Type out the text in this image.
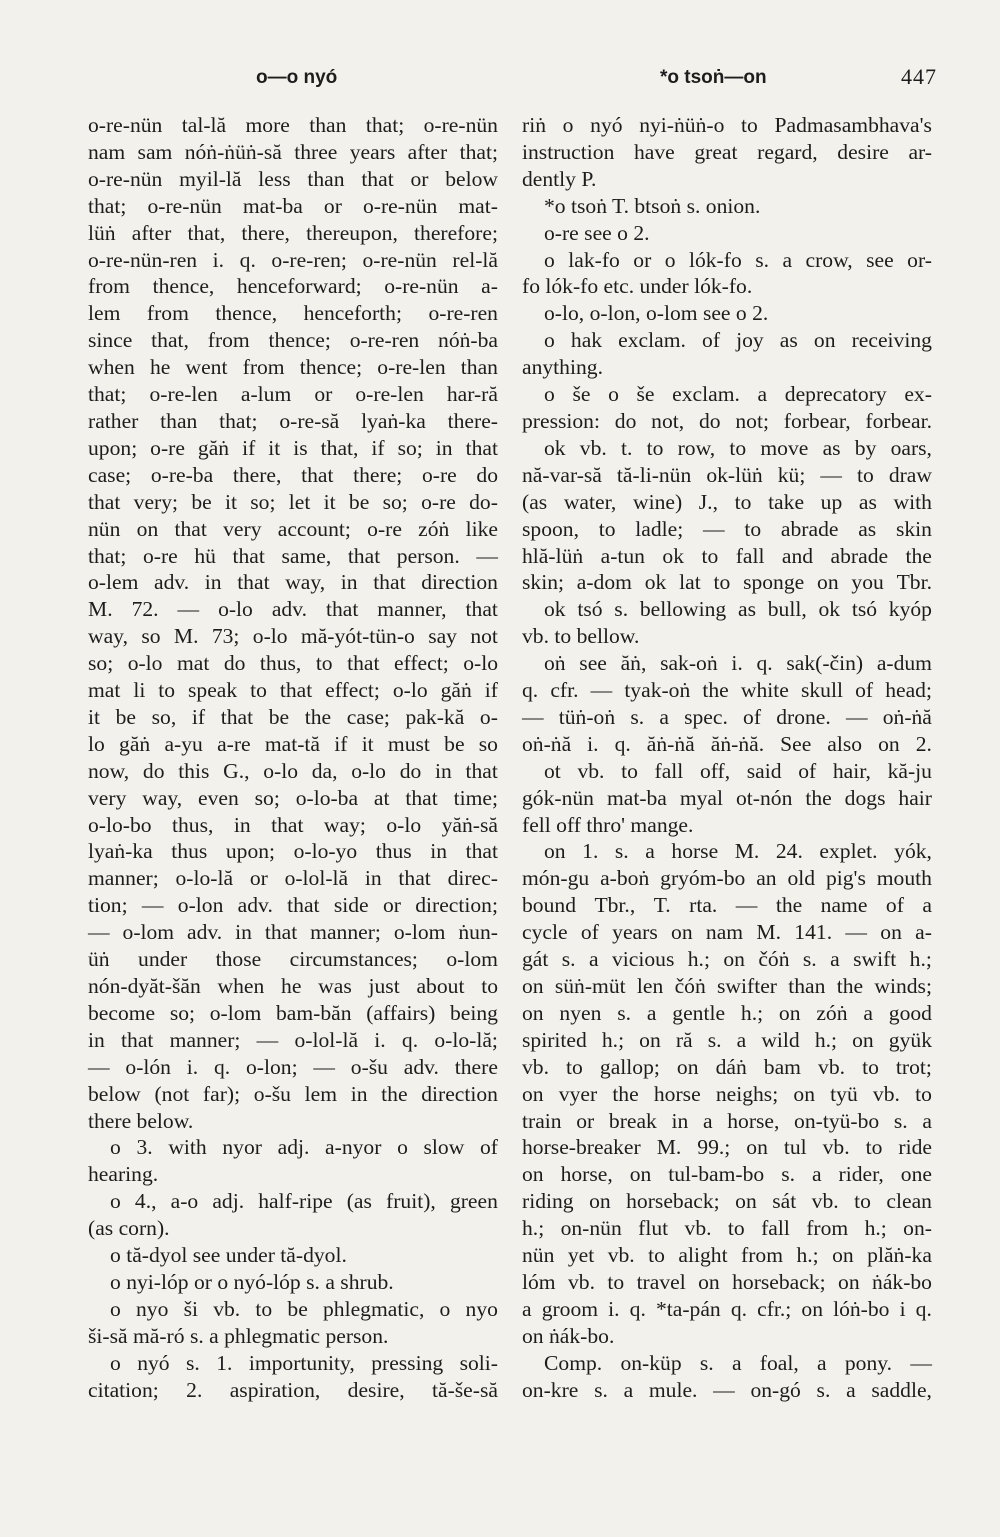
o—o nyó	*o tsoṅ—on	447
o-re-nün tal-lă more than that; o-re-nün
nam sam nóṅ-ṅüṅ-să three years after that;
o-re-nün myil-lă less than that or below
that; o-re-nün mat-ba or o-re-nün mat-
lüṅ after that, there, thereupon, therefore;
o-re-nün-ren i. q. o-re-ren; o-re-nün rel-lă
from thence, henceforward; o-re-nün a-
lem from thence, henceforth; o-re-ren
since that, from thence; o-re-ren nóṅ-ba
when he went from thence; o-re-len than
that; o-re-len a-lum or o-re-len har-ră
rather than that; o-re-să lyaṅ-ka there-
upon; o-re găṅ if it is that, if so; in that
case; o-re-ba there, that there; o-re do
that very; be it so; let it be so; o-re do-
nün on that very account; o-re zóṅ like
that; o-re hü that same, that person. —
o-lem adv. in that way, in that direction
M. 72. — o-lo adv. that manner, that
way, so M. 73; o-lo mă-yót-tün-o say not
so; o-lo mat do thus, to that effect; o-lo
mat li to speak to that effect; o-lo găṅ if
it be so, if that be the case; pak-kă o-
lo găṅ a-yu a-re mat-tă if it must be so
now, do this G., o-lo da, o-lo do in that
very way, even so; o-lo-ba at that time;
o-lo-bo thus, in that way; o-lo yăṅ-să
lyaṅ-ka thus upon; o-lo-yo thus in that
manner; o-lo-lă or o-lol-lă in that direc-
tion; — o-lon adv. that side or direction;
— o-lom adv. in that manner; o-lom ṅun-
üṅ under those circumstances; o-lom
nón-dyăt-šăn when he was just about to
become so; o-lom bam-băn (affairs) being
in that manner; — o-lol-lă i. q. o-lo-lă;
— o-lón i. q. o-lon; — o-šu adv. there
below (not far); o-šu lem in the direction
there below.
o 3. with nyor adj. a-nyor o slow of
hearing.
o 4., a-o adj. half-ripe (as fruit), green
(as corn).
o tă-dyol see under tă-dyol.
o nyi-lóp or o nyó-lóp s. a shrub.
o nyo ši vb. to be phlegmatic, o nyo
ši-să mă-ró s. a phlegmatic person.
o nyó s. 1. importunity, pressing soli-
citation; 2. aspiration, desire, tă-še-să
riṅ o nyó nyi-ṅüṅ-o to Padmasambhava's
instruction have great regard, desire ar-
dently P.
*o tsoṅ T. btsoṅ s. onion.
o-re see o 2.
o lak-fo or o lók-fo s. a crow, see or-
fo lók-fo etc. under lók-fo.
o-lo, o-lon, o-lom see o 2.
o hak exclam. of joy as on receiving
anything.
o še o še exclam. a deprecatory ex-
pression: do not, do not; forbear, forbear.
ok vb. t. to row, to move as by oars,
nă-var-să tă-li-nün ok-lüṅ kü; — to draw
(as water, wine) J., to take up as with
spoon, to ladle; — to abrade as skin
hlă-lüṅ a-tun ok to fall and abrade the
skin; a-dom ok lat to sponge on you Tbr.
ok tsó s. bellowing as bull, ok tsó kyóp
vb. to bellow.
oṅ see ăṅ, sak-oṅ i. q. sak(-čin) a-dum
q. cfr. — tyak-oṅ the white skull of head;
— tüṅ-oṅ s. a spec. of drone. — oṅ-ṅă
oṅ-ṅă i. q. ăṅ-ṅă ăṅ-ṅă. See also on 2.
ot vb. to fall off, said of hair, kă-ju
gók-nün mat-ba myal ot-nón the dogs hair
fell off thro' mange.
on 1. s. a horse M. 24. explet. yók,
món-gu a-boṅ gryóm-bo an old pig's mouth
bound Tbr., T. rta. — the name of a
cycle of years on nam M. 141. — on a-
gát s. a vicious h.; on čóṅ s. a swift h.;
on süṅ-müt len čóṅ swifter than the winds;
on nyen s. a gentle h.; on zóṅ a good
spirited h.; on ră s. a wild h.; on gyük
vb. to gallop; on dáṅ bam vb. to trot;
on vyer the horse neighs; on tyü vb. to
train or break in a horse, on-tyü-bo s. a
horse-breaker M. 99.; on tul vb. to ride
on horse, on tul-bam-bo s. a rider, one
riding on horseback; on sát vb. to clean
h.; on-nün flut vb. to fall from h.; on-
nün yet vb. to alight from h.; on plăṅ-ka
lóm vb. to travel on horseback; on ṅák-bo
a groom i. q. *ta-pán q. cfr.; on lóṅ-bo i q.
on ṅák-bo.
Comp. on-küp s. a foal, a pony. —
on-kre s. a mule. — on-gó s. a saddle,
